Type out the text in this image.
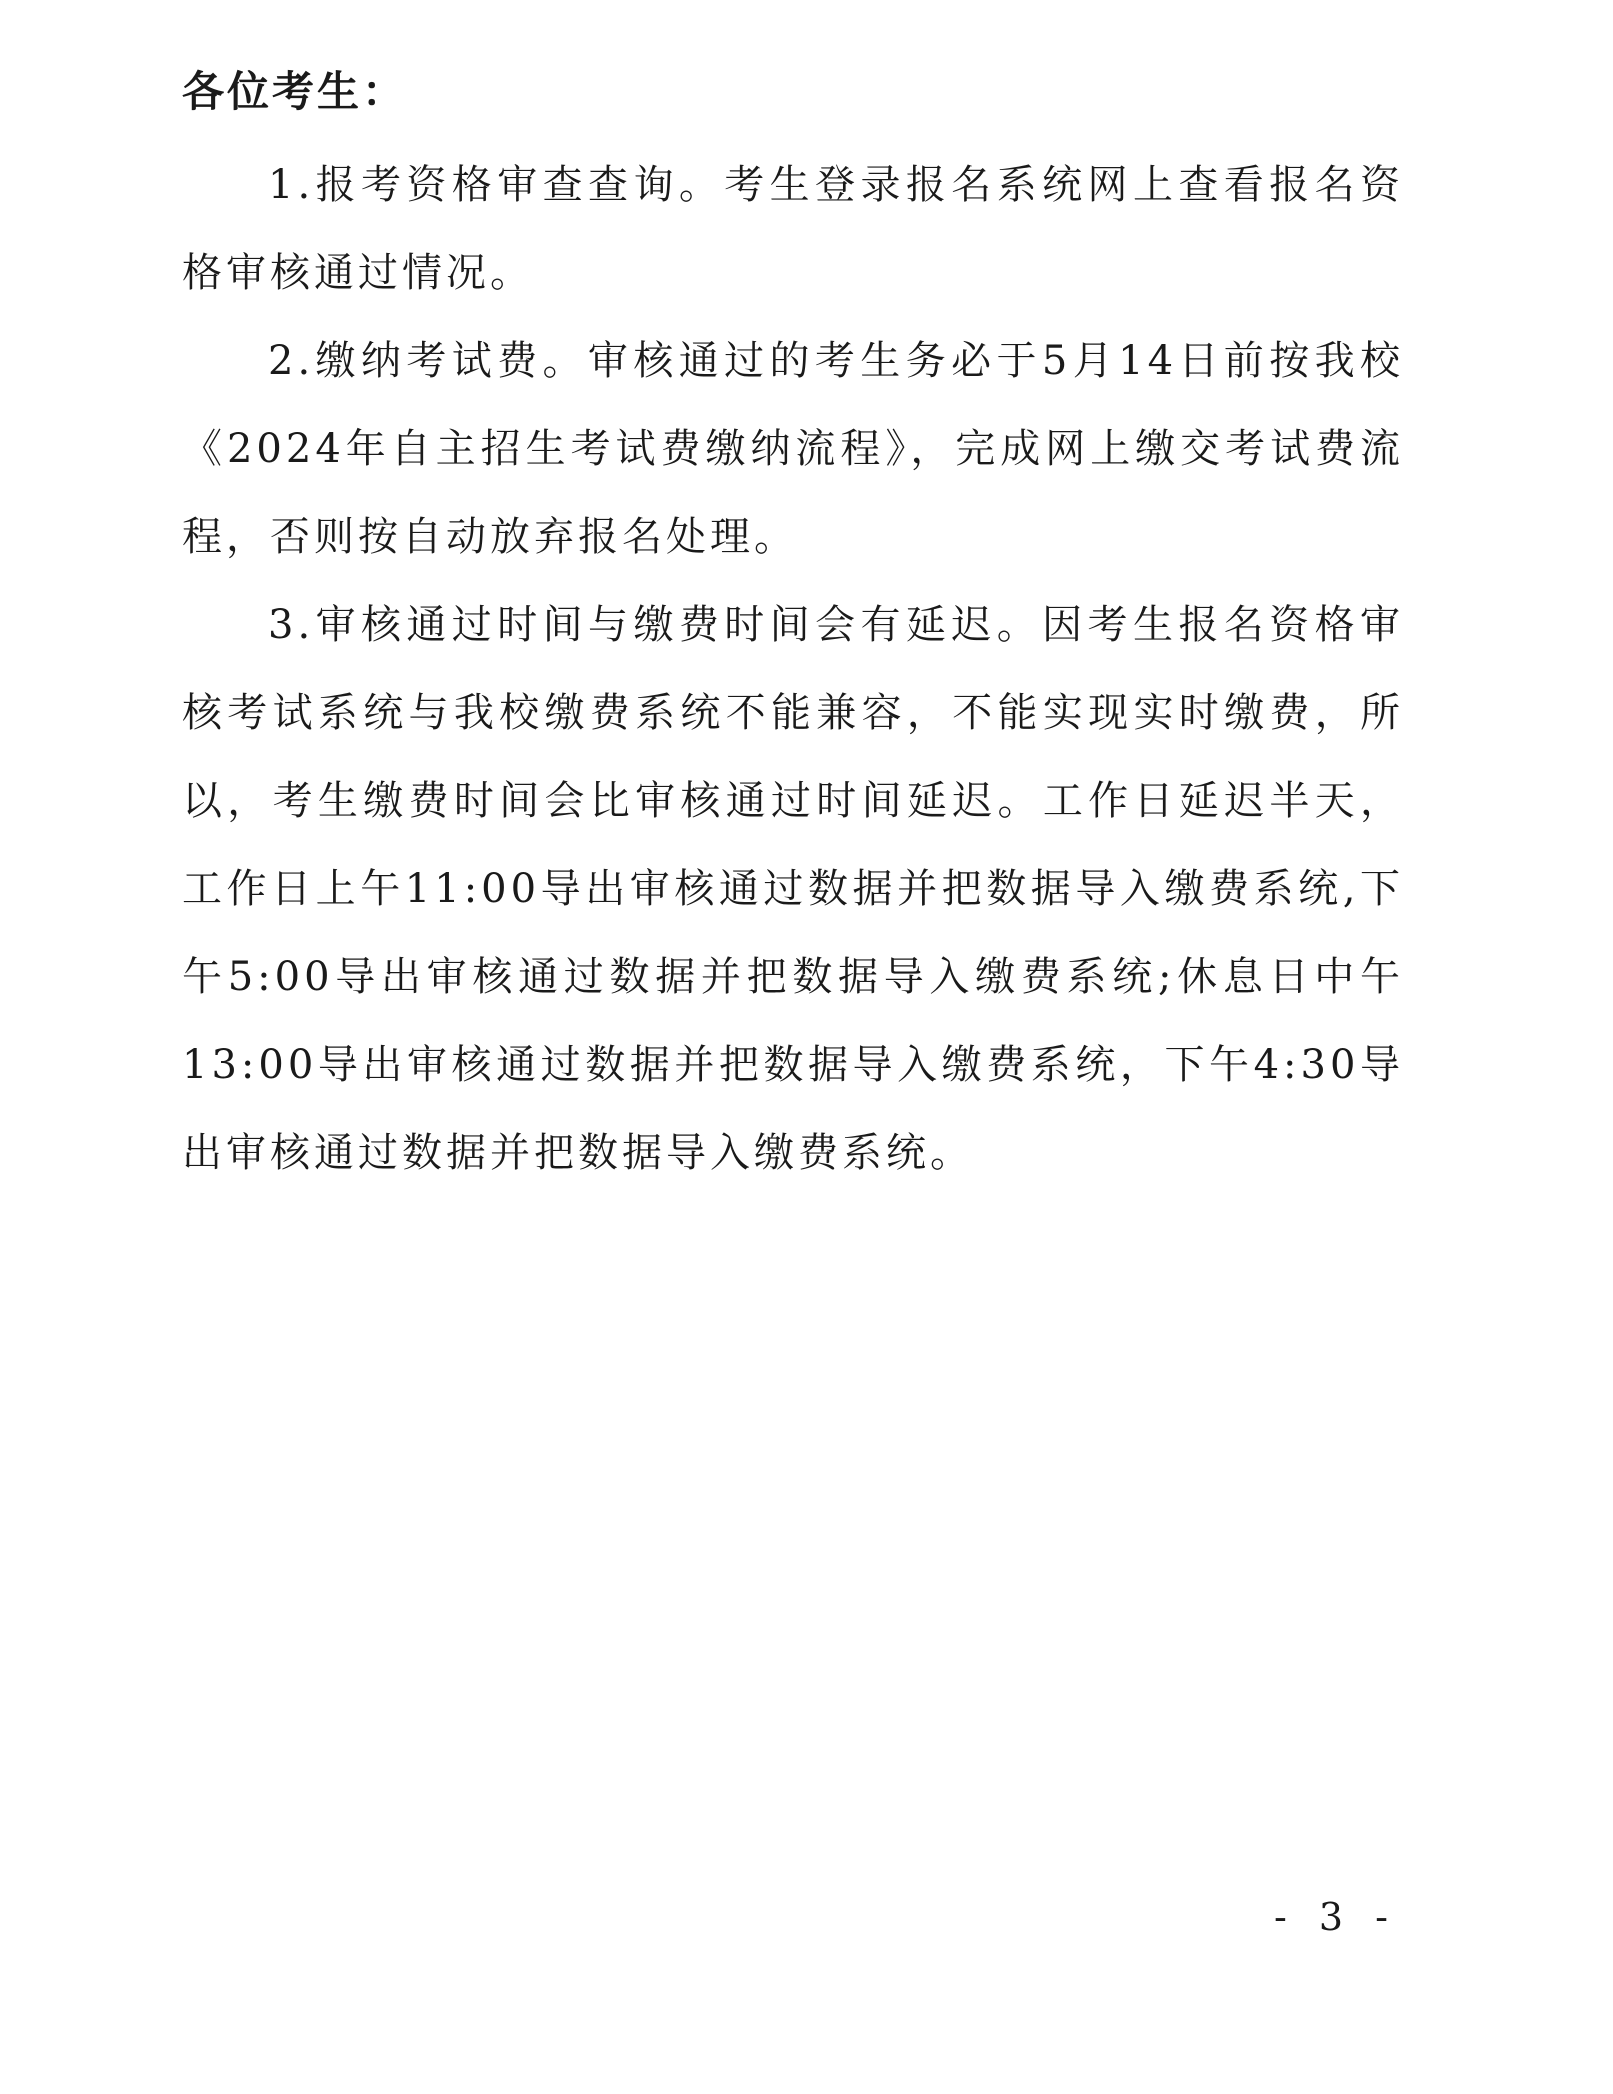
各位考生：

1.报考资格审查查询。考生登录报名系统网上查看报名资格审核通过情况。

2.缴纳考试费。审核通过的考生务必于5月14日前按我校《2024年自主招生考试费缴纳流程》，完成网上缴交考试费流程，否则按自动放弃报名处理。

3.审核通过时间与缴费时间会有延迟。因考生报名资格审核考试系统与我校缴费系统不能兼容，不能实现实时缴费，所以，考生缴费时间会比审核通过时间延迟。工作日延迟半天，工作日上午11:00导出审核通过数据并把数据导入缴费系统,下午5:00导出审核通过数据并把数据导入缴费系统;休息日中午13:00导出审核通过数据并把数据导入缴费系统，下午4:30导出审核通过数据并把数据导入缴费系统。

- 3 -
